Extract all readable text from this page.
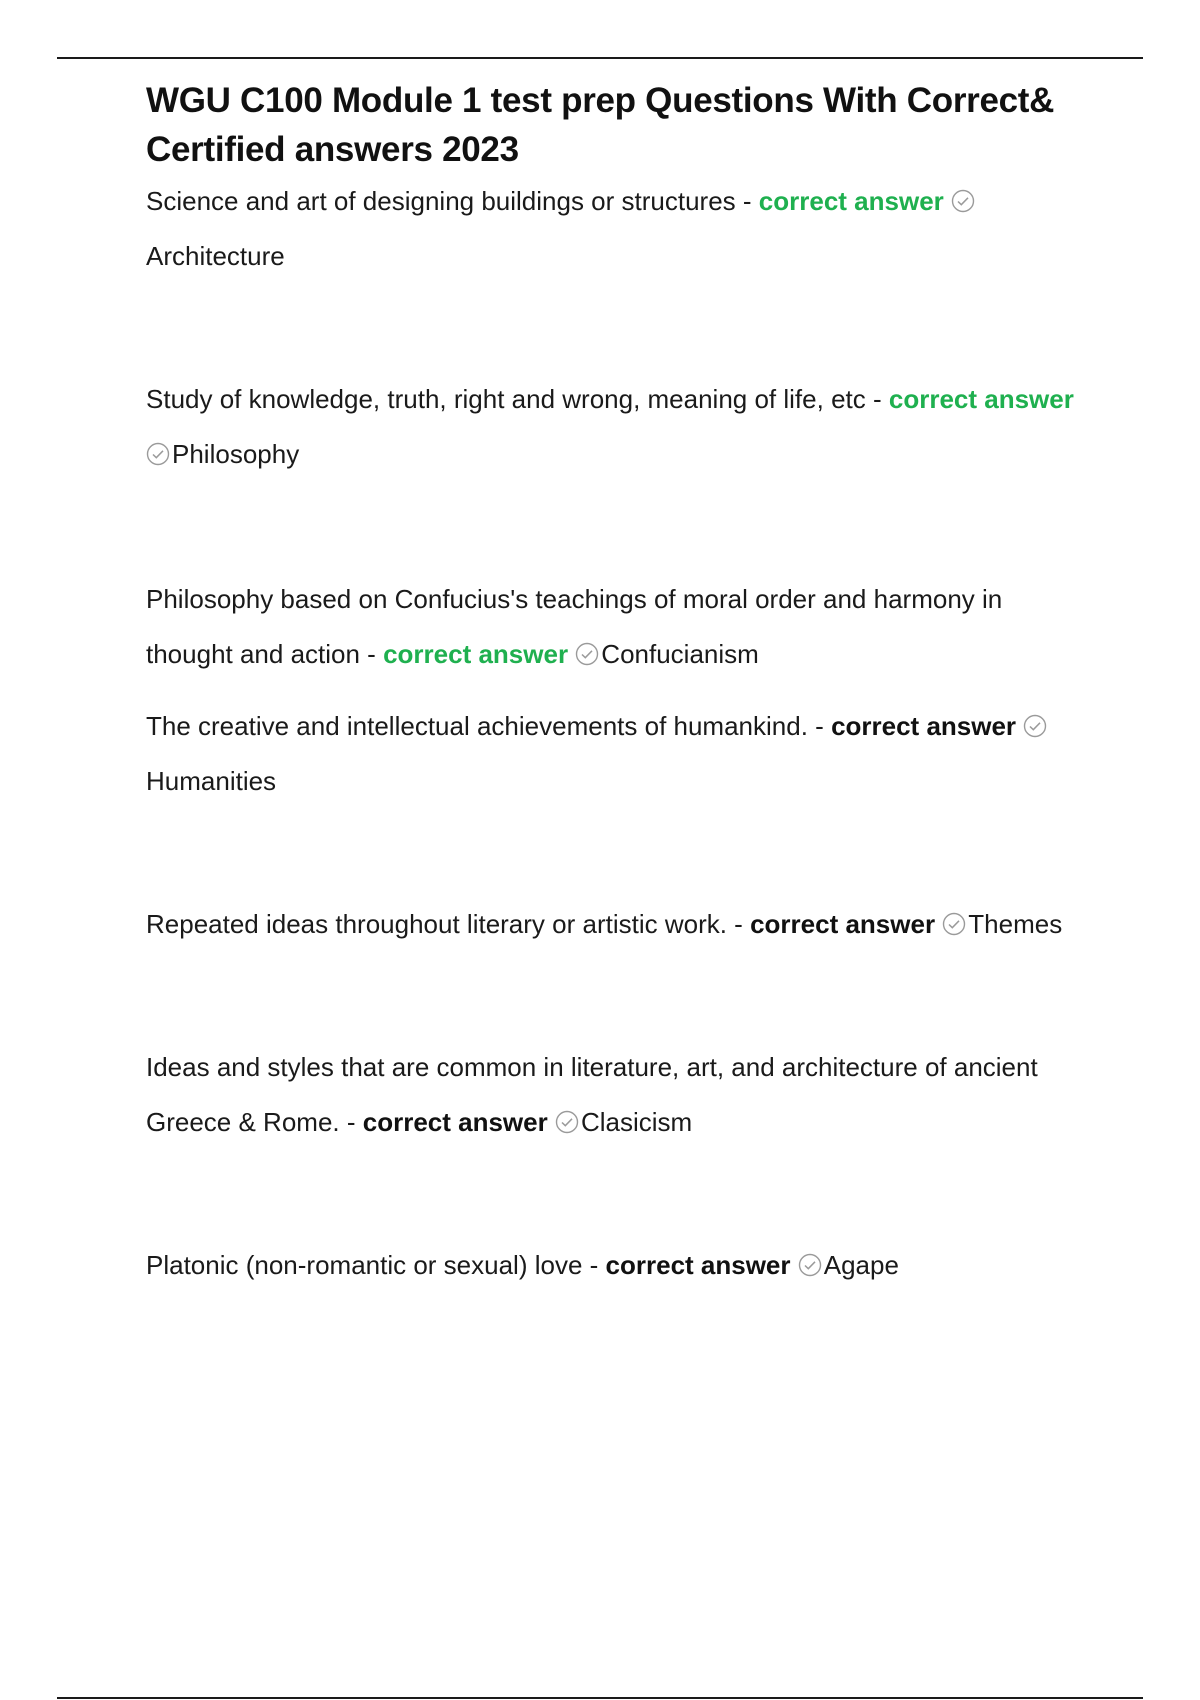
WGU C100 Module 1 test prep Questions With Correct& Certified answers 2023

Science and art of designing buildings or structures - correct answer
Architecture

Study of knowledge, truth, right and wrong, meaning of life, etc - correct answer
Philosophy

Philosophy based on Confucius's teachings of moral order and harmony in thought and action - correct answer Confucianism

The creative and intellectual achievements of humankind. - correct answer
Humanities

Repeated ideas throughout literary or artistic work. - correct answer Themes

Ideas and styles that are common in literature, art, and architecture of ancient Greece & Rome. - correct answer Clasicism

Platonic (non-romantic or sexual) love - correct answer Agape
